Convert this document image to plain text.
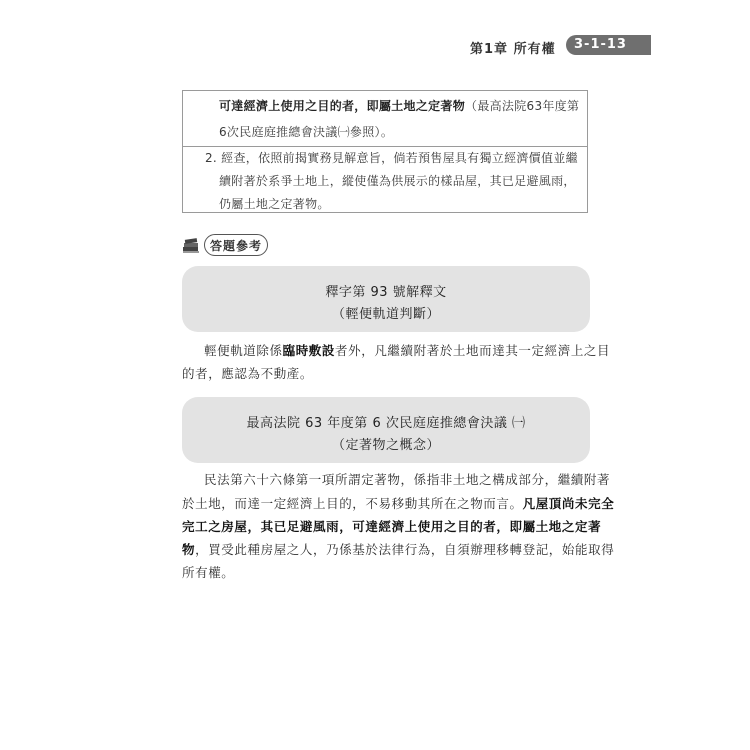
第1章 所有權 3-1-13
可達經濟上使用之目的者，即屬土地之定著物（最高法院63年度第
6次民庭庭推總會決議㈠參照）。
2. 經查，依照前揭實務見解意旨，倘若預售屋具有獨立經濟價值並繼
續附著於系爭土地上，縱使僅為供展示的樣品屋，其已足避風雨，
仍屬土地之定著物。
答題參考
釋字第 93 號解釋文
（輕便軌道判斷）
輕便軌道除係臨時敷設者外，凡繼續附著於土地而達其一定經濟上之目
的者，應認為不動產。
最高法院 63 年度第 6 次民庭庭推總會決議 ㈠
（定著物之概念）
民法第六十六條第一項所謂定著物，係指非土地之構成部分，繼續附著
於土地，而達一定經濟上目的，不易移動其所在之物而言。凡屋頂尚未完全
完工之房屋，其已足避風雨，可達經濟上使用之目的者，即屬土地之定著
物，買受此種房屋之人，乃係基於法律行為，自須辦理移轉登記，始能取得
所有權。
